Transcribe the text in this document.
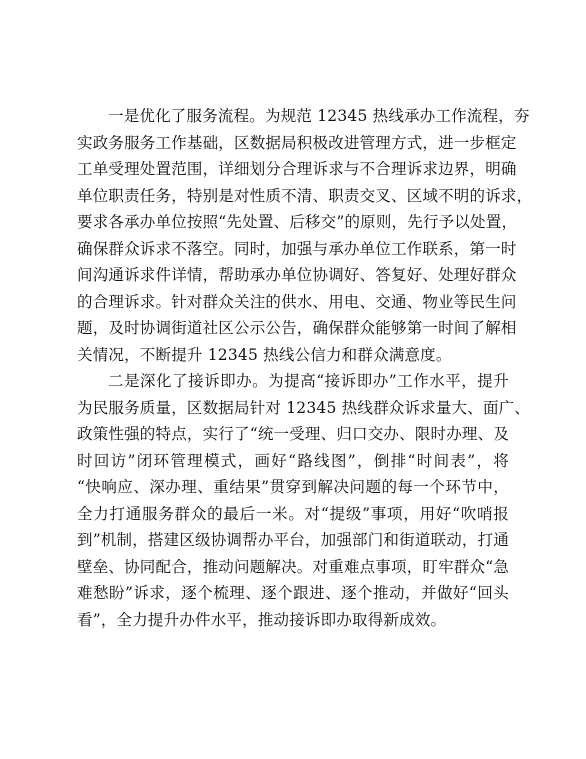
一是优化了服务流程。为规范 12345 热线承办工作流程，夯
实政务服务工作基础，区数据局积极改进管理方式，进一步框定
工单受理处置范围，详细划分合理诉求与不合理诉求边界，明确
单位职责任务，特别是对性质不清、职责交叉、区域不明的诉求，
要求各承办单位按照“先处置、后移交”的原则，先行予以处置，
确保群众诉求不落空。同时，加强与承办单位工作联系，第一时
间沟通诉求件详情，帮助承办单位协调好、答复好、处理好群众
的合理诉求。针对群众关注的供水、用电、交通、物业等民生问
题，及时协调街道社区公示公告，确保群众能够第一时间了解相
关情况，不断提升 12345 热线公信力和群众满意度。
二是深化了接诉即办。为提高“接诉即办”工作水平，提升
为民服务质量，区数据局针对 12345 热线群众诉求量大、面广、
政策性强的特点，实行了“统一受理、归口交办、限时办理、及
时回访”闭环管理模式，画好“路线图”，倒排“时间表”，将
“快响应、深办理、重结果”贯穿到解决问题的每一个环节中，
全力打通服务群众的最后一米。对“提级”事项，用好“吹哨报
到”机制，搭建区级协调帮办平台，加强部门和街道联动，打通
壁垒、协同配合，推动问题解决。对重难点事项，盯牢群众“急
难愁盼”诉求，逐个梳理、逐个跟进、逐个推动，并做好“回头
看”，全力提升办件水平，推动接诉即办取得新成效。
